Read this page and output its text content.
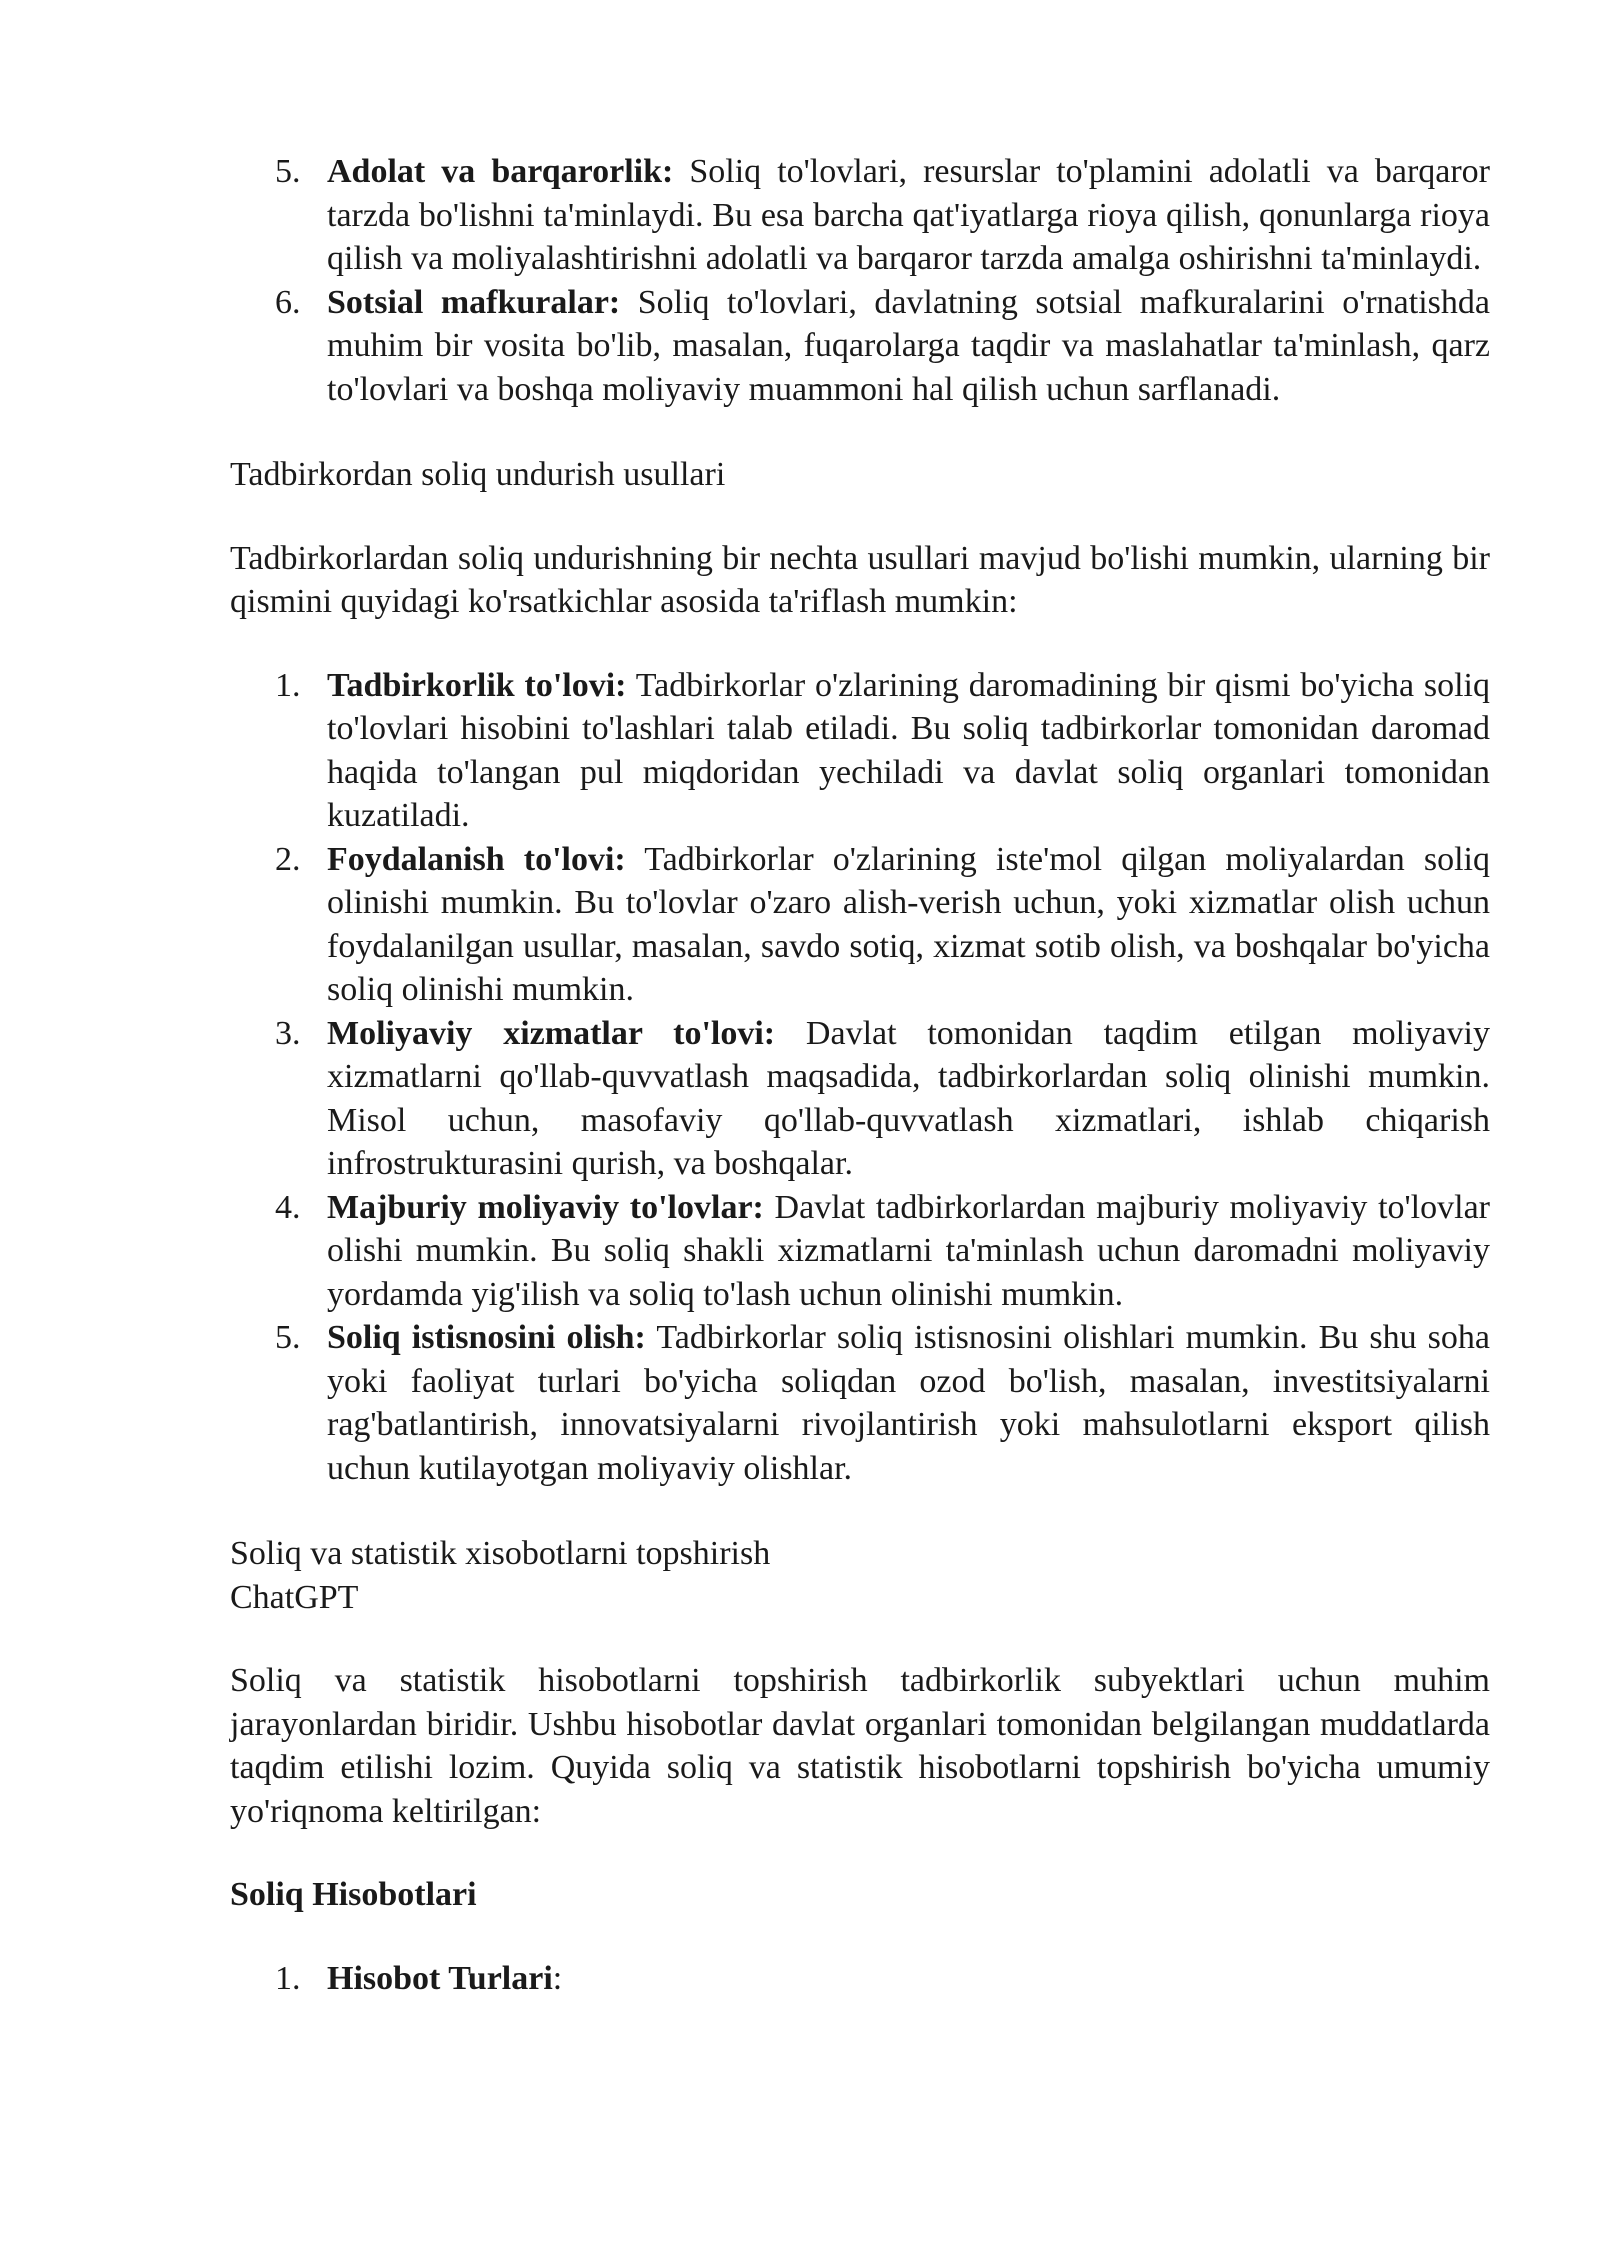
5. Adolat va barqarorlik: Soliq to'lovlari, resurslar to'plamini adolatli va barqaror tarzda bo'lishni ta'minlaydi. Bu esa barcha qat'iyatlarga rioya qilish, qonunlarga rioya qilish va moliyalashtirishni adolatli va barqaror tarzda amalga oshirishni ta'minlaydi.
6. Sotsial mafkuralar: Soliq to'lovlari, davlatning sotsial mafkuralarini o'rnatishda muhim bir vosita bo'lib, masalan, fuqarolarga taqdir va maslahatlar ta'minlash, qarz to'lovlari va boshqa moliyaviy muammoni hal qilish uchun sarflanadi.

Tadbirkordan soliq undurish usullari

Tadbirkorlardan soliq undurishning bir nechta usullari mavjud bo'lishi mumkin, ularning bir qismini quyidagi ko'rsatkichlar asosida ta'riflash mumkin:

1. Tadbirkorlik to'lovi: Tadbirkorlar o'zlarining daromadining bir qismi bo'yicha soliq to'lovlari hisobini to'lashlari talab etiladi. Bu soliq tadbirkorlar tomonidan daromad haqida to'langan pul miqdoridan yechiladi va davlat soliq organlari tomonidan kuzatiladi.
2. Foydalanish to'lovi: Tadbirkorlar o'zlarining iste'mol qilgan moliyalardan soliq olinishi mumkin. Bu to'lovlar o'zaro alish-verish uchun, yoki xizmatlar olish uchun foydalanilgan usullar, masalan, savdo sotiq, xizmat sotib olish, va boshqalar bo'yicha soliq olinishi mumkin.
3. Moliyaviy xizmatlar to'lovi: Davlat tomonidan taqdim etilgan moliyaviy xizmatlarni qo'llab-quvvatlash maqsadida, tadbirkorlardan soliq olinishi mumkin. Misol uchun, masofaviy qo'llab-quvvatlash xizmatlari, ishlab chiqarish infrostrukturasini qurish, va boshqalar.
4. Majburiy moliyaviy to'lovlar: Davlat tadbirkorlardan majburiy moliyaviy to'lovlar olishi mumkin. Bu soliq shakli xizmatlarni ta'minlash uchun daromadni moliyaviy yordamda yig'ilish va soliq to'lash uchun olinishi mumkin.
5. Soliq istisnosini olish: Tadbirkorlar soliq istisnosini olishlari mumkin. Bu shu soha yoki faoliyat turlari bo'yicha soliqdan ozod bo'lish, masalan, investitsiyalarni rag'batlantirish, innovatsiyalarni rivojlantirish yoki mahsulotlarni eksport qilish uchun kutilayotgan moliyaviy olishlar.

Soliq va statistik xisobotlarni topshirish

ChatGPT

Soliq va statistik hisobotlarni topshirish tadbirkorlik subyektlari uchun muhim jarayonlardan biridir. Ushbu hisobotlar davlat organlari tomonidan belgilangan muddatlarda taqdim etilishi lozim. Quyida soliq va statistik hisobotlarni topshirish bo'yicha umumiy yo'riqnoma keltirilgan:

Soliq Hisobotlari

1. Hisobot Turlari:
